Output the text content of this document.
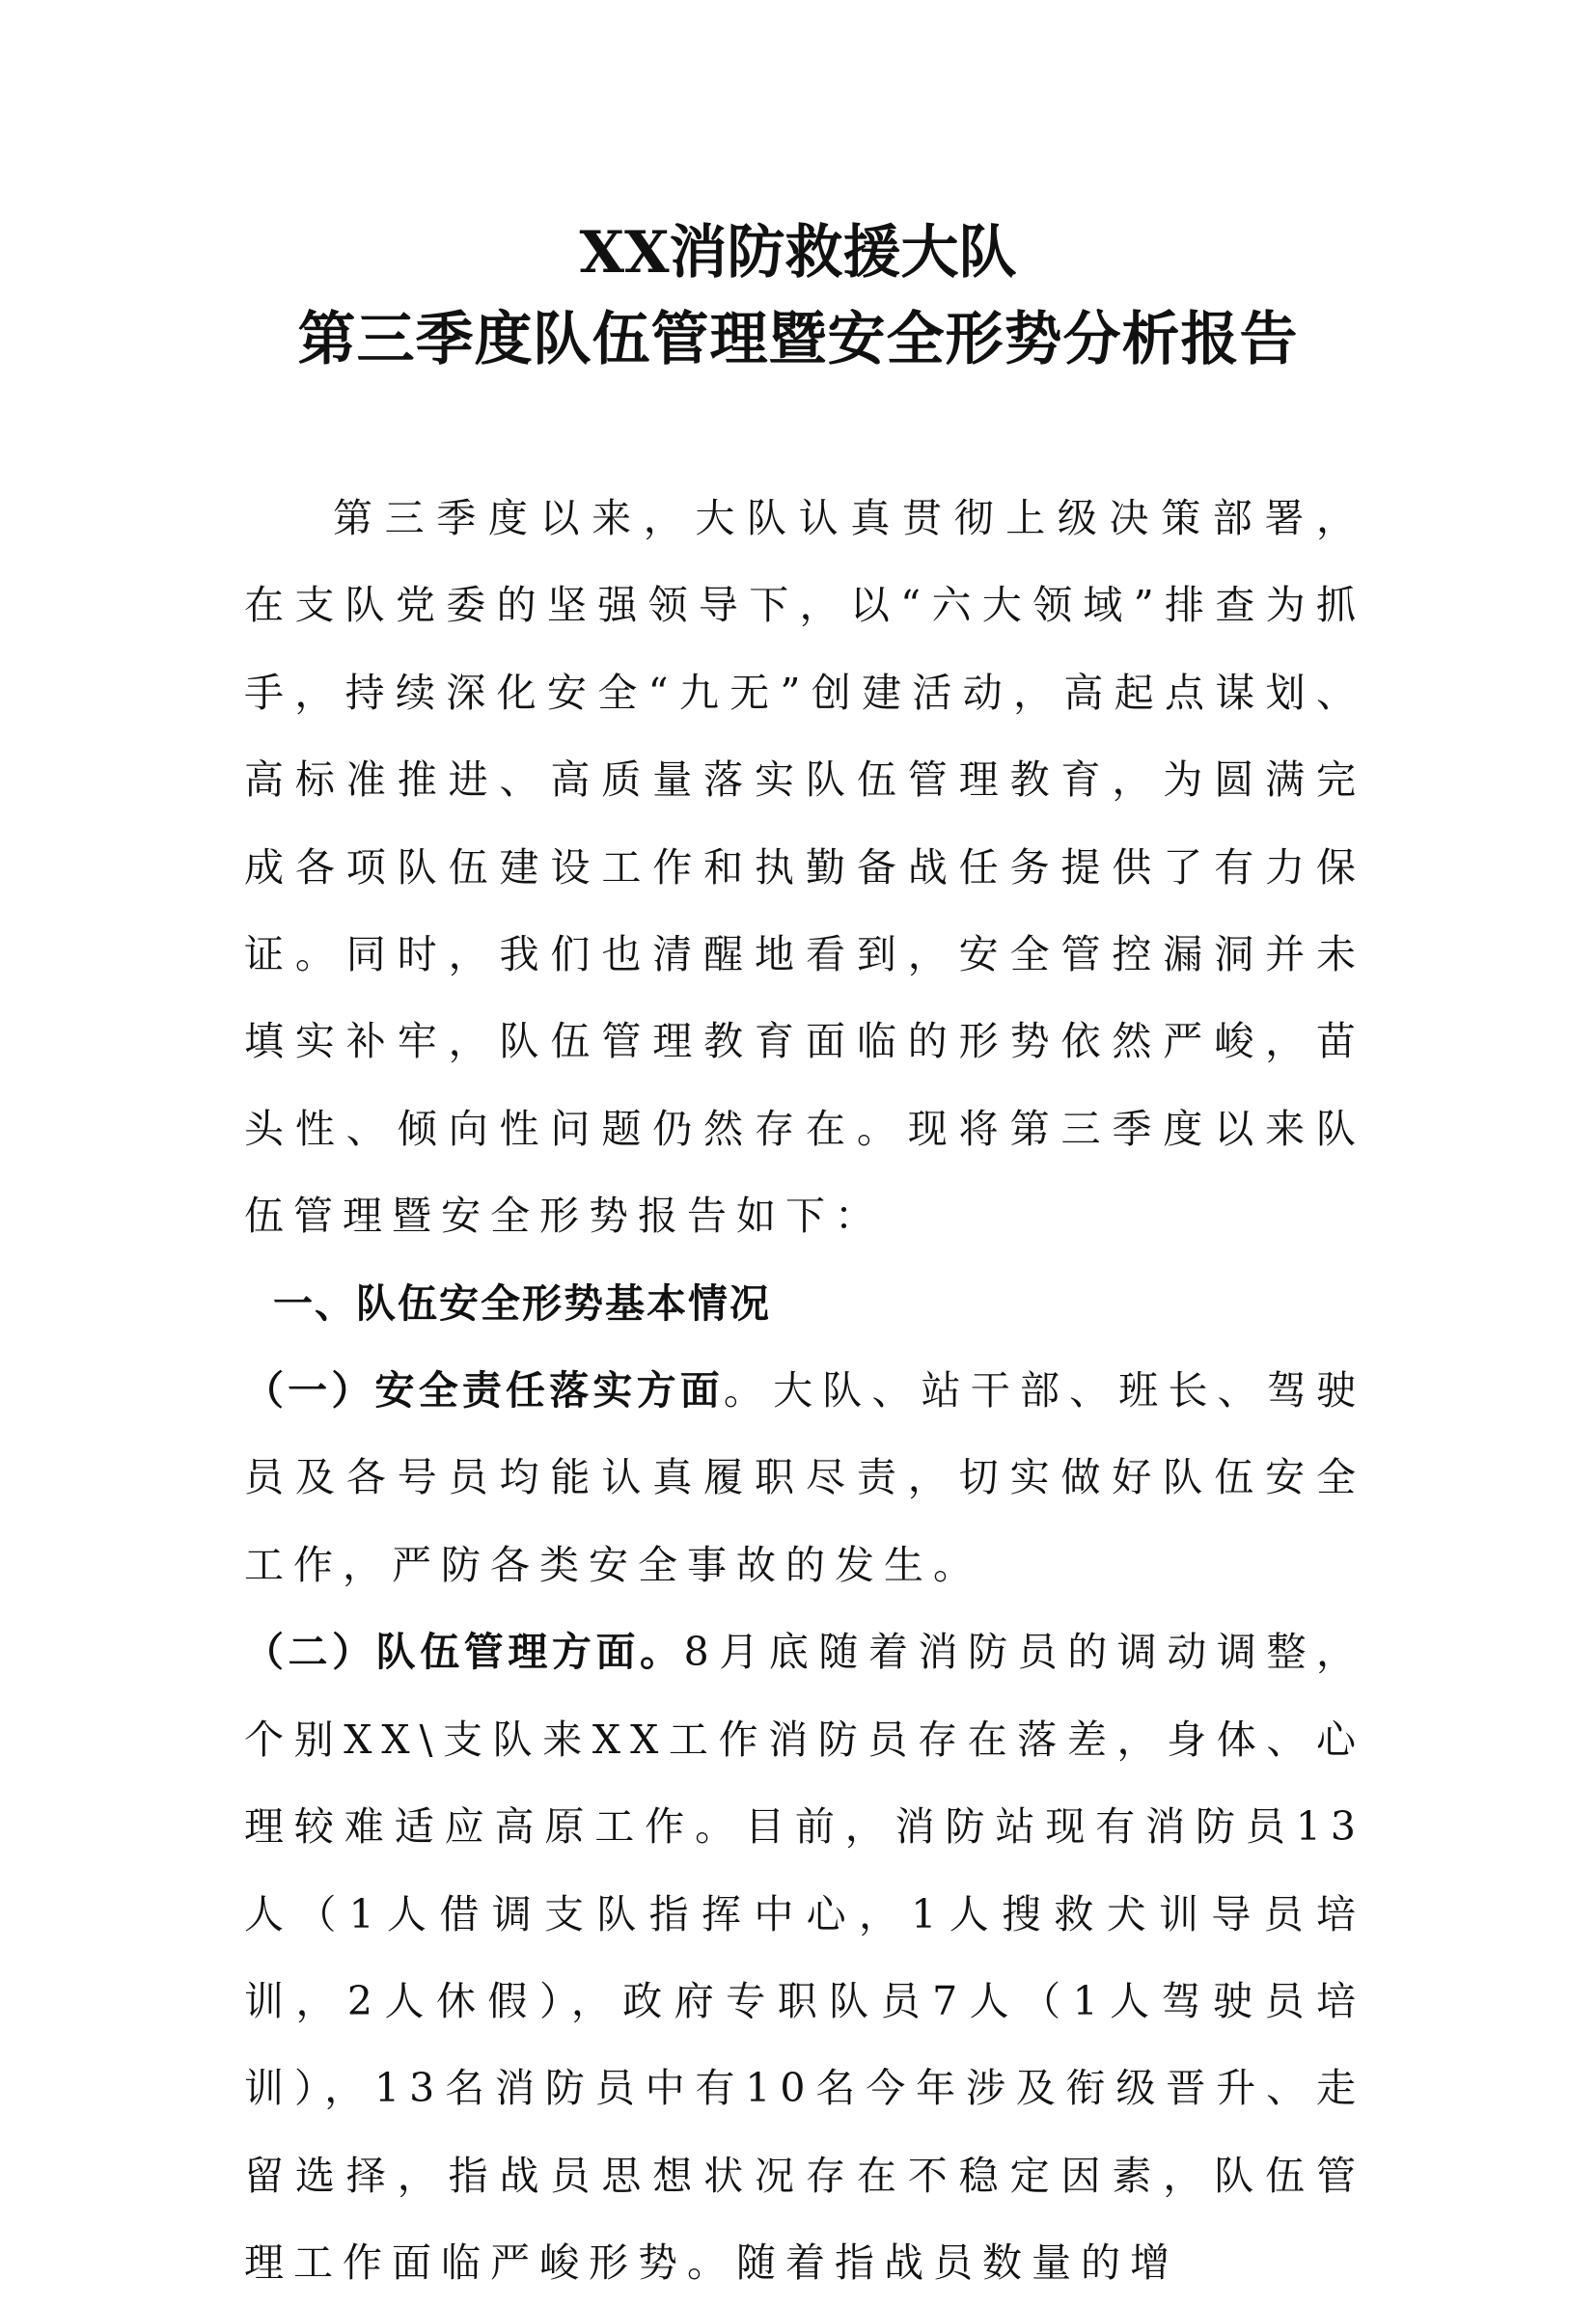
XX消防救援大队
第三季度队伍管理暨安全形势分析报告

第三季度以来，大队认真贯彻上级决策部署，在支队党委的坚强领导下，以“六大领域”排查为抓手，持续深化安全“九无”创建活动，高起点谋划、高标准推进、高质量落实队伍管理教育，为圆满完成各项队伍建设工作和执勤备战任务提供了有力保证。同时，我们也清醒地看到，安全管控漏洞并未填实补牢，队伍管理教育面临的形势依然严峻，苗头性、倾向性问题仍然存在。现将第三季度以来队伍管理暨安全形势报告如下：

一、队伍安全形势基本情况

（一）安全责任落实方面。大队、站干部、班长、驾驶员及各号员均能认真履职尽责，切实做好队伍安全工作，严防各类安全事故的发生。

（二）队伍管理方面。8月底随着消防员的调动调整，个别XX\支队来XX工作消防员存在落差，身体、心理较难适应高原工作。目前，消防站现有消防员13人（1人借调支队指挥中心，1人搜救犬训导员培训，2人休假），政府专职队员7人（1人驾驶员培训），13名消防员中有10名今年涉及衔级晋升、走留选择，指战员思想状况存在不稳定因素，队伍管理工作面临严峻形势。随着指战员数量的增
